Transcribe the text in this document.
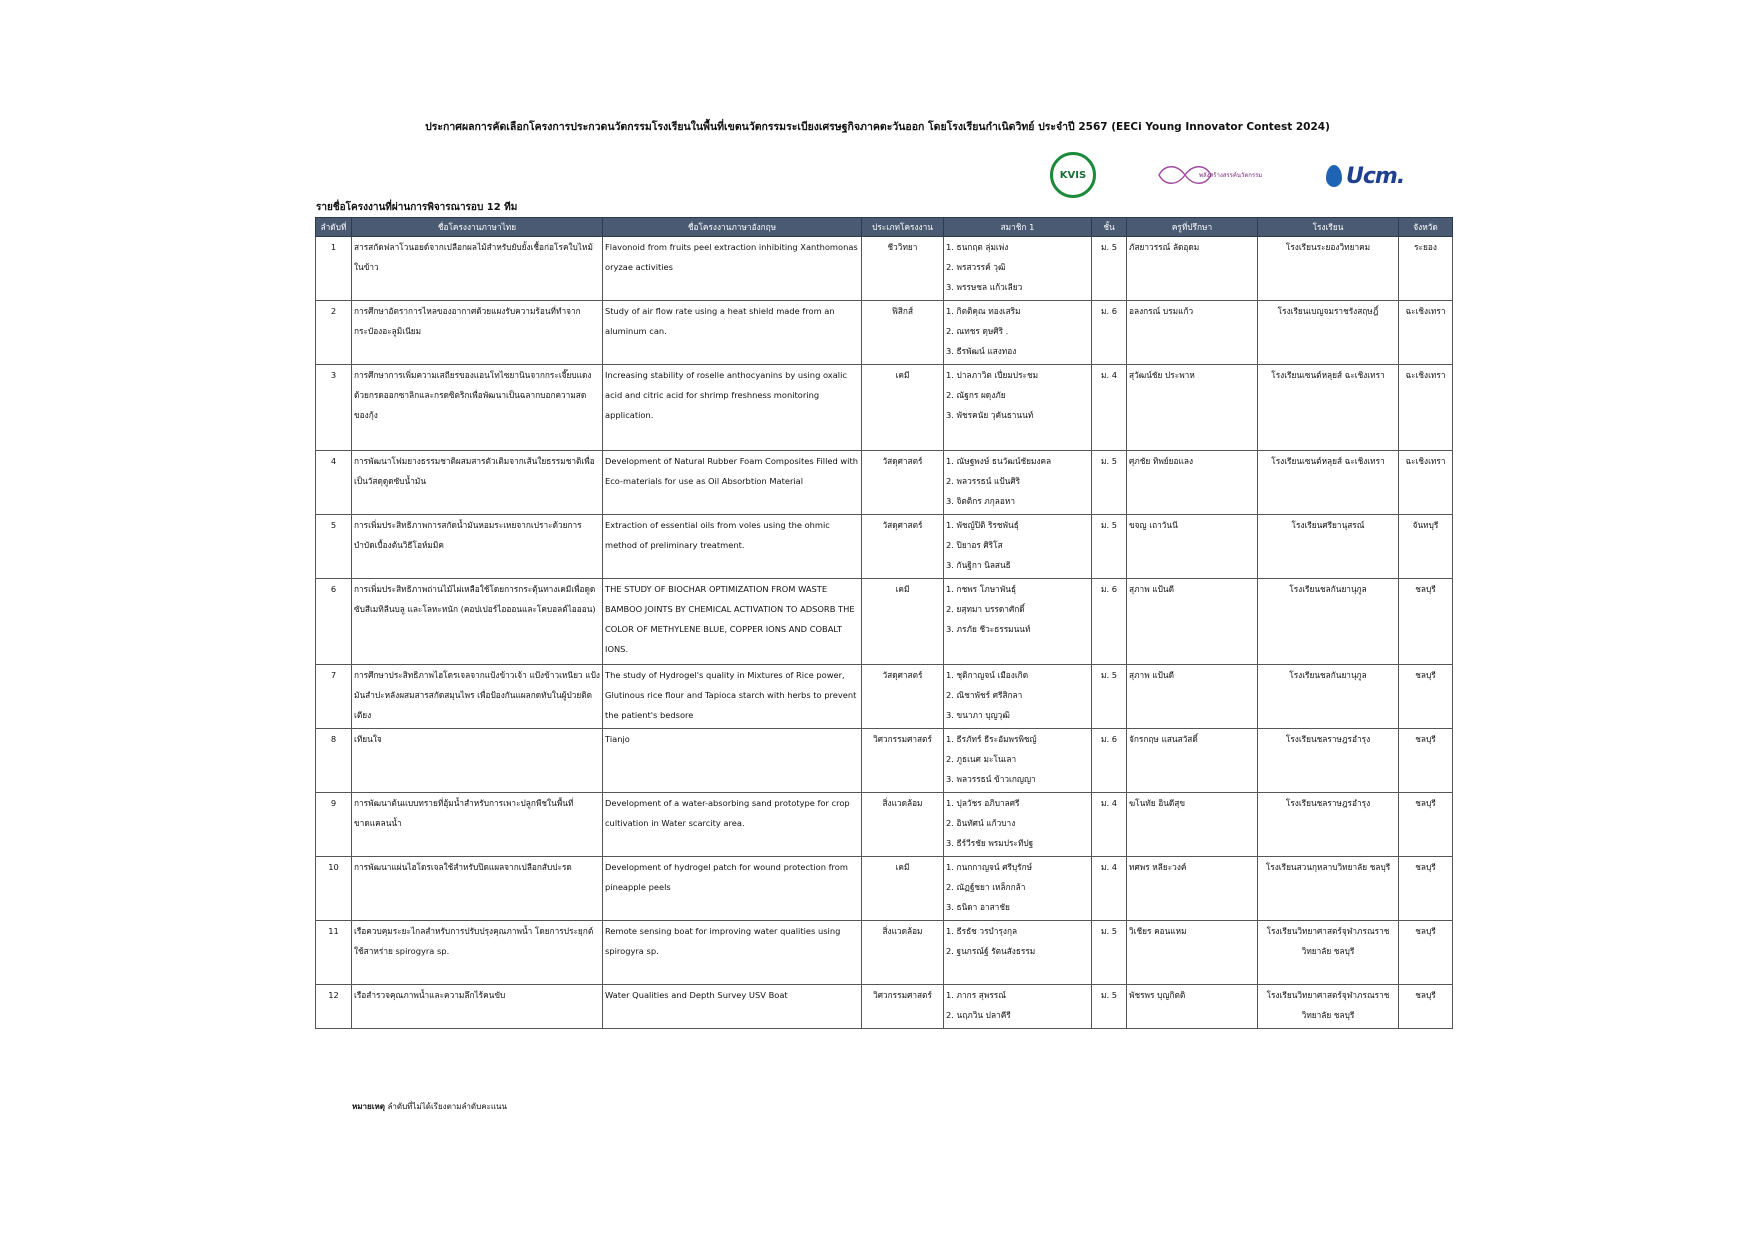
ประกาศผลการคัดเลือกโครงการประกวดนวัตกรรมโรงเรียนในพื้นที่เขตนวัตกรรมระเบียงเศรษฐกิจภาคตะวันออก โดยโรงเรียนกำเนิดวิทย์ ประจำปี 2567 (EECi Young Innovator Contest 2024)
KVIS	พลังสร้างสรรค์นวัตกรรม	Ucm.
รายชื่อโครงงานที่ผ่านการพิจารณารอบ 12 ทีม
ลำดับที่	ชื่อโครงงานภาษาไทย	ชื่อโครงงานภาษาอังกฤษ	ประเภทโครงงาน	สมาชิก 1	ชั้น	ครูที่ปรึกษา	โรงเรียน	จังหวัด
1	สารสกัดฟลาโวนอยด์จากเปลือกผลไม้สำหรับยับยั้งเชื้อก่อโรคใบไหม้ในข้าว	Flavonoid from fruits peel extraction inhibiting Xanthomonas oryzae activities	ชีววิทยา	1. ธนกฤต ลุ่มเพ่ง
2. พรสวรรค์ วุฒิ
3. พรรษชล แก้วเลียว	ม. 5	ภัสยาวรรณ์ ลัดอุดม	โรงเรียนระยองวิทยาคม	ระยอง
2	การศึกษาอัตราการไหลของอากาศด้วยแผงรับความร้อนที่ทำจากกระป๋องอะลูมิเนียม	Study of air flow rate using a heat shield made from an aluminum can.	ฟิสิกส์	1. กิตติคุณ ทองเสริม
2. ณทชร ดุษศิริ .
3. ธีรพัฒน์ แสงทอง	ม. 6	อลงกรณ์ บรมแก้ว	โรงเรียนเบญจมราชรังสฤษฎิ์	ฉะเชิงเทรา
3	การศึกษาการเพิ่มความเสถียรของแอนโทไซยานินจากกระเจี๊ยบแดงด้วยกรดออกซาลิกและกรดซิตริกเพื่อพัฒนาเป็นฉลากบอกความสดของกุ้ง	Increasing stability of roselle anthocyanins by using oxalic acid and citric acid for shrimp freshness monitoring application.	เคมี	1. ปาลภาวิต เปี่ยมประชม
2. ณัฐกร ผดุงภัย
3. พัชรคนัย วุคันธานนท์	ม. 4	สุวัฒน์ชัย ประพาห	โรงเรียนเซนต์หลุยส์ ฉะเชิงเทรา	ฉะเชิงเทรา
4	การพัฒนาโฟมยางธรรมชาติผสมสารตัวเติมจากเส้นใยธรรมชาติเพื่อเป็นวัสดุดูดซับน้ำมัน	Development of Natural Rubber Foam Composites Filled with Eco-materials for use as Oil Absorbtion Material	วัสดุศาสตร์	1. ณัษฐพงษ์ ธนวัฒน์ชัยมงคล
2. พลวรรธน์ แป้นศิริ
3. จิตติกร ภกุลอหา	ม. 5	ศุภชัย ทิพย์ยอแลง	โรงเรียนเซนต์หลุยส์ ฉะเชิงเทรา	ฉะเชิงเทรา
5	การเพิ่มประสิทธิภาพการสกัดน้ำมันหอมระเหยจากเปราะด้วยการบำบัดเบื้องต้นวิธีโอห์มมิค	Extraction of essential oils from voles using the ohmic method of preliminary treatment.	วัสดุศาสตร์	1. พัชญ์ปิติ ริรชพันธุ์
2. ปิยาอร ศิริโส
3. กันฐิกา นิลสนธิ	ม. 5	ขจญ เถาวันนี	โรงเรียนศรียานุสรณ์	จันทบุรี
6	การเพิ่มประสิทธิภาพถ่านไม้ไผ่เหลือใช้โดยการกระตุ้นทางเคมีเพื่อดูดซับสีเมทิลีนบลู และโลหะหนัก (คอปเปอร์ไอออนและโคบอลต์ไอออน)	THE STUDY OF BIOCHAR OPTIMIZATION FROM WASTE BAMBOO JOINTS BY CHEMICAL ACTIVATION TO ADSORB THE COLOR OF METHYLENE BLUE, COPPER IONS AND COBALT IONS.	เคมี	1. กชพร โภษาพันธุ์
2. ยสุทมา บรรดาศักดิ์
3. ภรภัย ชีวะธรรมนนท์	ม. 6	สุภาพ แป้นดี	โรงเรียนชลกันยานุกูล	ชลบุรี
7	การศึกษาประสิทธิภาพไฮโดรเจลจากแป้งข้าวเจ้า แป้งข้าวเหนียว แป้งมันสำปะหลังผสมสารสกัดสมุนไพร เพื่อป้องกันแผลกดทับในผู้ป่วยติดเตียง	The study of Hydrogel's quality in Mixtures of Rice power, Glutinous rice flour and Tapioca starch with herbs to prevent the patient's bedsore	วัสดุศาสตร์	1. ชุติกาญจน์ เมืองเกิด
2. ณิชาพัชร์ ศรีสิกลา
3. ขนาภา บุญวุฒิ	ม. 5	สุภาพ แป้นดี	โรงเรียนชลกันยานุกูล	ชลบุรี
8	เทียนใจ	Tianjo	วิศวกรรมศาสตร์	1. ธีรภัทร์ ธีระอัมพรพิชญ์
2. ภูธเนศ มะโนเลา
3. พลวรรธน์ ข้าวเกญญา	ม. 6	จักรกฤษ แสนสวัสดิ์	โรงเรียนชลราษฎรอำรุง	ชลบุรี
9	การพัฒนาต้นแบบทรายที่อุ้มน้ำสำหรับการเพาะปลูกพืชในพื้นที่ขาดแคลนน้ำ	Development of a water-absorbing sand prototype for crop cultivation in Water scarcity area.	สิ่งแวดล้อม	1. ปุลวัชร อภิบาลศรี
2. อินทัศน์ แก้วบาง
3. ธีร์วีรชัย พรมประทีปฐ	ม. 4	ฆโนทัย อินดีสุข	โรงเรียนชลราษฎรอำรุง	ชลบุรี
10	การพัฒนาแผ่นไฮโดรเจลใช้สำหรับปิดแผลจากเปลือกสับปะรด	Development of hydrogel patch for wound protection from pineapple peels	เคมี	1. กนกกาญจน์ ศรีบุรักษ์
2. ณัฏฐ์ชยา เหล็กกล้า
3. ธนิดา อาสาชัย	ม. 4	ทศพร หลียะวงค์	โรงเรียนสวนกุหลาบวิทยาลัย ชลบุรี	ชลบุรี
11	เรือควบคุมระยะไกลสำหรับการปรับปรุงคุณภาพน้ำ โดยการประยุกต์ใช้สาหร่าย spirogyra sp.	Remote sensing boat for improving water qualities using spirogyra sp.	สิ่งแวดล้อม	1. ธีรธัช วรบำรุงกุล
2. ฐนกรณ์ฐ์ รัตนสังธรรม	ม. 5	วิเชียร คอนแหม	โรงเรียนวิทยาศาสตร์จุฬาภรณราชวิทยาลัย ชลบุรี	ชลบุรี
12	เรือสำรวจคุณภาพน้ำและความลึกไร้คนขับ	Water Qualities and Depth Survey USV Boat	วิศวกรรมศาสตร์	1. ภากร สุพรรณ์
2. นฤภวิน ปลาคีรี	ม. 5	พัชรพร บุญกิตติ	โรงเรียนวิทยาศาสตร์จุฬาภรณราชวิทยาลัย ชลบุรี	ชลบุรี
หมายเหตุ ลำดับที่ไม่ได้เรียงตามลำดับคะแนน
